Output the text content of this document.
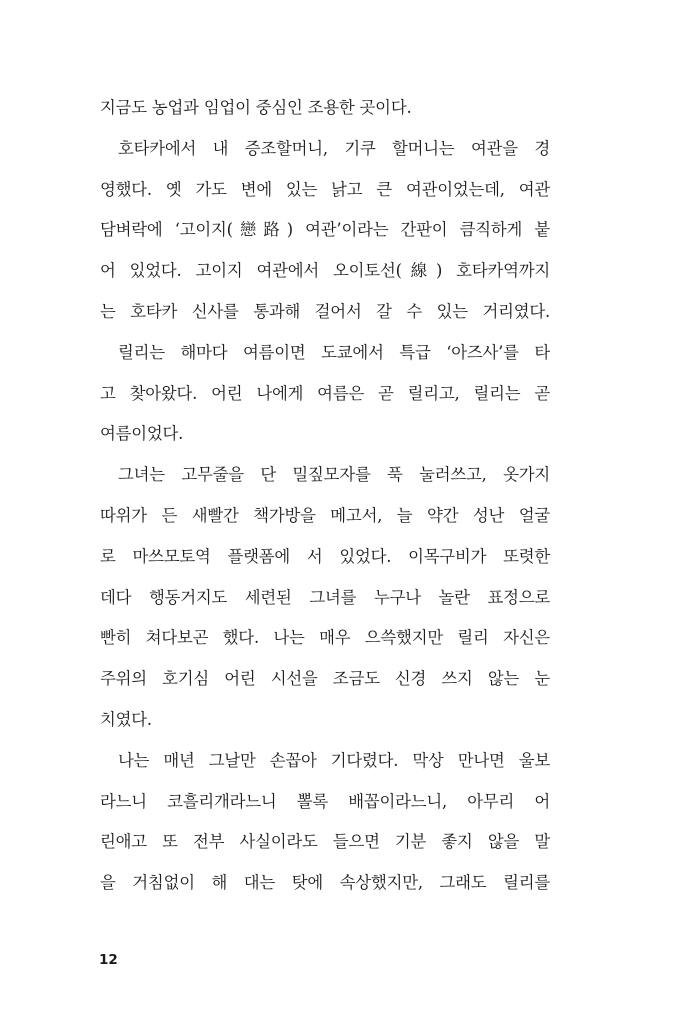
지금도 농업과 임업이 중심인 조용한 곳이다.
호타카에서 내 증조할머니, 기쿠 할머니는 여관을 경
영했다. 옛 가도 변에 있는 낡고 큰 여관이었는데, 여관
담벼락에 ‘고이지(戀路) 여관’이라는 간판이 큼직하게 붙
어 있었다. 고이지 여관에서 오이토선(線) 호타카역까지
는 호타카 신사를 통과해 걸어서 갈 수 있는 거리였다.
릴리는 해마다 여름이면 도쿄에서 특급 ‘아즈사’를 타
고 찾아왔다. 어린 나에게 여름은 곧 릴리고, 릴리는 곧
여름이었다.
그녀는 고무줄을 단 밀짚모자를 푹 눌러쓰고, 옷가지
따위가 든 새빨간 책가방을 메고서, 늘 약간 성난 얼굴
로 마쓰모토역 플랫폼에 서 있었다. 이목구비가 또렷한
데다 행동거지도 세련된 그녀를 누구나 놀란 표정으로
빤히 쳐다보곤 했다. 나는 매우 으쓱했지만 릴리 자신은
주위의 호기심 어린 시선을 조금도 신경 쓰지 않는 눈
치였다.
나는 매년 그날만 손꼽아 기다렸다. 막상 만나면 울보
라느니 코흘리개라느니 뽈록 배꼽이라느니, 아무리 어
린애고 또 전부 사실이라도 들으면 기분 좋지 않을 말
을 거침없이 해 대는 탓에 속상했지만, 그래도 릴리를
12
